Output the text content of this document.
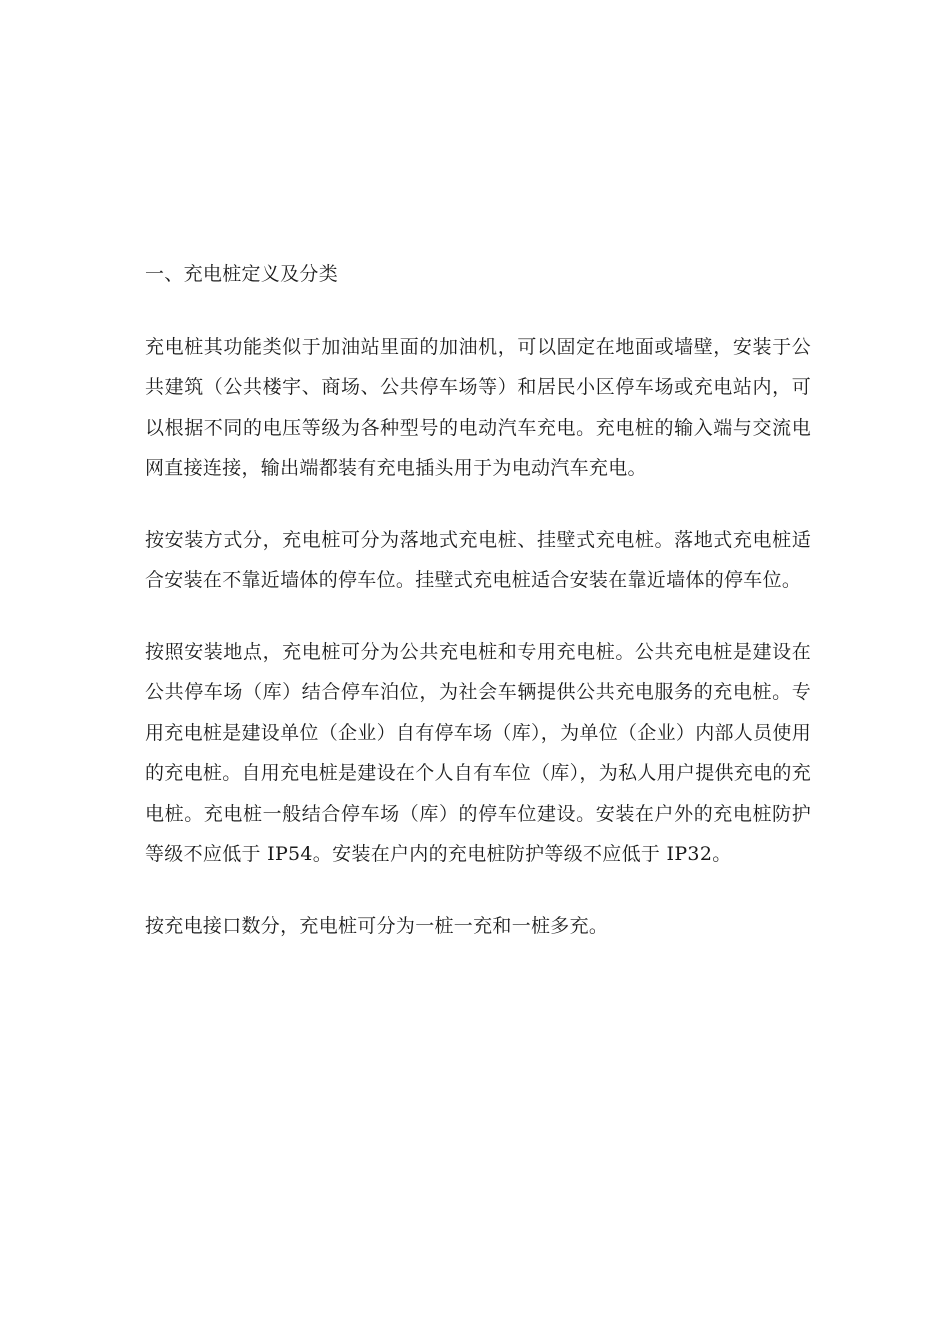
一、充电桩定义及分类

充电桩其功能类似于加油站里面的加油机，可以固定在地面或墙壁，安装于公共建筑（公共楼宇、商场、公共停车场等）和居民小区停车场或充电站内，可以根据不同的电压等级为各种型号的电动汽车充电。充电桩的输入端与交流电网直接连接，输出端都装有充电插头用于为电动汽车充电。

按安装方式分，充电桩可分为落地式充电桩、挂壁式充电桩。落地式充电桩适合安装在不靠近墙体的停车位。挂壁式充电桩适合安装在靠近墙体的停车位。

按照安装地点，充电桩可分为公共充电桩和专用充电桩。公共充电桩是建设在公共停车场（库）结合停车泊位，为社会车辆提供公共充电服务的充电桩。专用充电桩是建设单位（企业）自有停车场（库），为单位（企业）内部人员使用的充电桩。自用充电桩是建设在个人自有车位（库），为私人用户提供充电的充电桩。充电桩一般结合停车场（库）的停车位建设。安装在户外的充电桩防护等级不应低于 IP54。安装在户内的充电桩防护等级不应低于 IP32。

按充电接口数分，充电桩可分为一桩一充和一桩多充。
